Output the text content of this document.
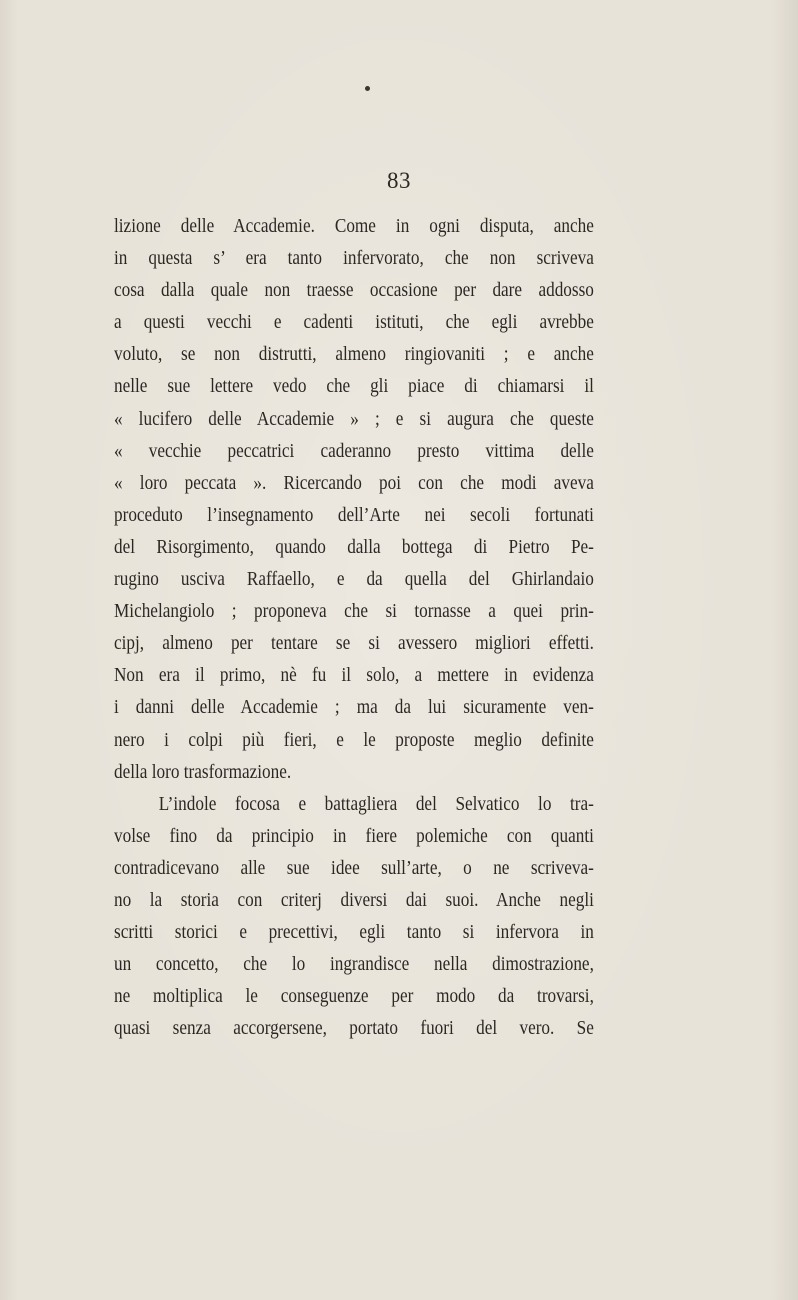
83
lizione delle Accademie. Come in ogni disputa, anche
in questa s’ era tanto infervorato, che non scriveva
cosa dalla quale non traesse occasione per dare addosso
a questi vecchi e cadenti istituti, che egli avrebbe
voluto, se non distrutti, almeno ringiovaniti ; e anche
nelle sue lettere vedo che gli piace di chiamarsi il
« lucifero delle Accademie » ; e si augura che queste
« vecchie peccatrici caderanno presto vittima delle
« loro peccata ». Ricercando poi con che modi aveva
proceduto l’insegnamento dell’Arte nei secoli fortunati
del Risorgimento, quando dalla bottega di Pietro Pe-
rugino usciva Raffaello, e da quella del Ghirlandaio
Michelangiolo ; proponeva che si tornasse a quei prin-
cipj, almeno per tentare se si avessero migliori effetti.
Non era il primo, nè fu il solo, a mettere in evidenza
i danni delle Accademie ; ma da lui sicuramente ven-
nero i colpi più fieri, e le proposte meglio definite
della loro trasformazione.
L’indole focosa e battagliera del Selvatico lo tra-
volse fino da principio in fiere polemiche con quanti
contradicevano alle sue idee sull’arte, o ne scriveva-
no la storia con criterj diversi dai suoi. Anche negli
scritti storici e precettivi, egli tanto si infervora in
un concetto, che lo ingrandisce nella dimostrazione,
ne moltiplica le conseguenze per modo da trovarsi,
quasi senza accorgersene, portato fuori del vero. Se
